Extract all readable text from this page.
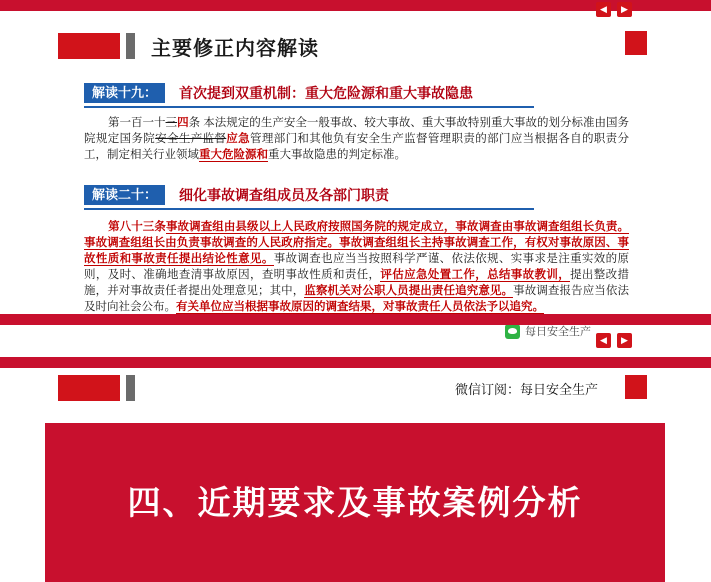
主要修正内容解读
解读十九：	首次提到双重机制：重大危险源和重大事故隐患
第一百一十三四条 本法规定的生产安全一般事故、较大事故、重大事故特别重大事故的划分标准由国务院规定国务院安全生产监督应急管理部门和其他负有安全生产监督管理职责的部门应当根据各自的职责分工，制定相关行业领域重大危险源和重大事故隐患的判定标准。
解读二十：	细化事故调查组成员及各部门职责
第八十三条事故调查组由县级以上人民政府按照国务院的规定成立，事故调查由事故调查组组长负责。事故调查组组长由负责事故调查的人民政府指定。事故调查组组长主持事故调查工作，有权对事故原因、事故性质和事故责任提出结论性意见。事故调查也应当当按照科学严谨、依法依规、实事求是注重实效的原则，及时、准确地查清事故原因，查明事故性质和责任，评估应急处置工作，总结事故教训，提出整改措施，并对事故责任者提出处理意见；其中，监察机关对公职人员提出责任追究意见。事故调查报告应当依法及时向社会公布。有关单位应当根据事故原因的调查结果，对事故责任人员依法予以追究。
每日安全生产
◀	▶
◀	▶
微信订阅：每日安全生产
四、近期要求及事故案例分析
